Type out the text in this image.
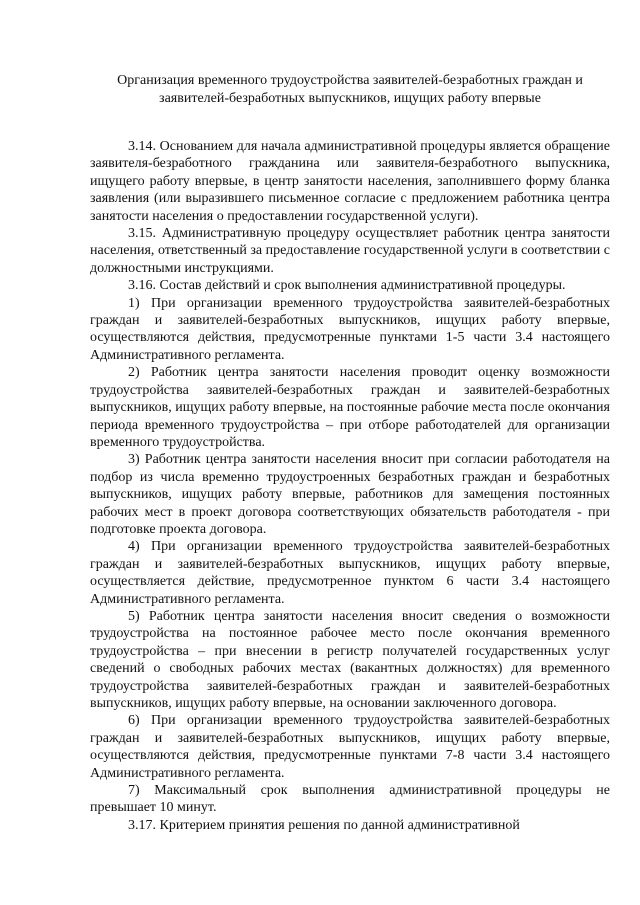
Организация временного трудоустройства заявителей-безработных граждан и
заявителей-безработных выпускников, ищущих работу впервые

3.14. Основанием для начала административной процедуры является обращение заявителя-безработного гражданина или заявителя-безработного выпускника, ищущего работу впервые, в центр занятости населения, заполнившего форму бланка заявления (или выразившего письменное согласие с предложением работника центра занятости населения о предоставлении государственной услуги).

3.15. Административную процедуру осуществляет работник центра занятости населения, ответственный за предоставление государственной услуги в соответствии с должностными инструкциями.

3.16. Состав действий и срок выполнения административной процедуры.

1) При организации временного трудоустройства заявителей-безработных граждан и заявителей-безработных выпускников, ищущих работу впервые, осуществляются действия, предусмотренные пунктами 1-5 части 3.4 настоящего Административного регламента.

2) Работник центра занятости населения проводит оценку возможности трудоустройства заявителей-безработных граждан и заявителей-безработных выпускников, ищущих работу впервые, на постоянные рабочие места после окончания периода временного трудоустройства – при отборе работодателей для организации временного трудоустройства.

3) Работник центра занятости населения вносит при согласии работодателя на подбор из числа временно трудоустроенных безработных граждан и безработных выпускников, ищущих работу впервые, работников для замещения постоянных рабочих мест в проект договора соответствующих обязательств работодателя - при подготовке проекта договора.

4) При организации временного трудоустройства заявителей-безработных граждан и заявителей-безработных выпускников, ищущих работу впервые, осуществляется действие, предусмотренное пунктом 6 части 3.4 настоящего Административного регламента.

5) Работник центра занятости населения вносит сведения о возможности трудоустройства на постоянное рабочее место после окончания временного трудоустройства – при внесении в регистр получателей государственных услуг сведений о свободных рабочих местах (вакантных должностях) для временного трудоустройства заявителей-безработных граждан и заявителей-безработных выпускников, ищущих работу впервые, на основании заключенного договора.

6) При организации временного трудоустройства заявителей-безработных граждан и заявителей-безработных выпускников, ищущих работу впервые, осуществляются действия, предусмотренные пунктами 7-8 части 3.4 настоящего Административного регламента.

7) Максимальный срок выполнения административной процедуры не превышает 10 минут.

3.17. Критерием принятия решения по данной административной
